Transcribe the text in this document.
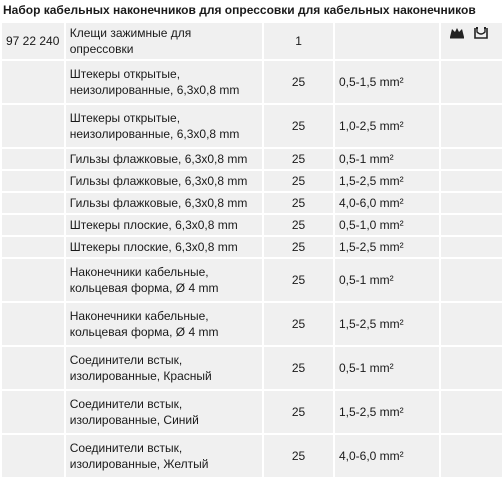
Набор кабельных наконечников для опрессовки для кабельных наконечников
97 22 240	Клещи зажимные для опрессовки	1		
	Штекеры открытые, неизолированные, 6,3х0,8 mm	25	0,5-1,5 mm²	
	Штекеры открытые, неизолированные, 6,3х0,8 mm	25	1,0-2,5 mm²	
	Гильзы флажковые, 6,3х0,8 mm	25	0,5-1 mm²	
	Гильзы флажковые, 6,3х0,8 mm	25	1,5-2,5 mm²	
	Гильзы флажковые, 6,3х0,8 mm	25	4,0-6,0 mm²	
	Штекеры плоские, 6,3х0,8 mm	25	0,5-1,0 mm²	
	Штекеры плоские, 6,3х0,8 mm	25	1,5-2,5 mm²	
	Наконечники кабельные, кольцевая форма, Ø 4 mm	25	0,5-1 mm²	
	Наконечники кабельные, кольцевая форма, Ø 4 mm	25	1,5-2,5 mm²	
	Соединители встык, изолированные, Красный	25	0,5-1 mm²	
	Соединители встык, изолированные, Синий	25	1,5-2,5 mm²	
	Соединители встык, изолированные, Желтый	25	4,0-6,0 mm²	
